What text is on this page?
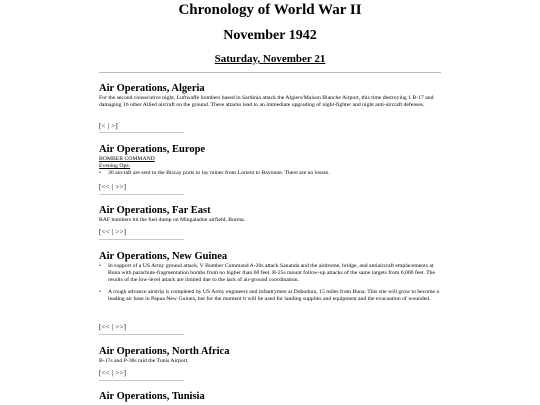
Chronology of World War II
November 1942
Saturday, November 21
Air Operations, Algeria

For the second consecutive night, Luftwaffe bombers based in Sardinia attack the Algiers/Maison Blanche Airport, this time destroying 1 B-17 and damaging 16 other Allied aircraft on the ground. These attacks lead to an immediate upgrading of night-fighter and night anti-aircraft defenses.

[< | >]
Air Operations, Europe
BOMBER COMMAND
Evening Ops:

•	30 aircraft are sent to the Biscay ports to lay mines from Lorient to Bayonne. There are no losses.

[<< | >>]
Air Operations, Far East

RAF bombers hit the fuel dump on Mingaladon airfield, Burma.

[<< | >>]
Air Operations, New Guinea

•	In support of a US Army ground attack, V Bomber Command A-20s attack Sananda and the airdrome, bridge, and antiaircraft emplacements at Buna with parachute-fragmentation bombs from no higher than 60 feet. B-25s mount follow-up attacks of the same targets from 6,000 feet. The results of the low-level attack are limited due to the lack of air-ground coordination.

•	A rough advance airstrip is completed by US Army engineers and infantrymen at Dobodura, 15 miles from Buna. This site will grow to become a leading air base in Papua New Guinea, but for the moment it will be used for landing supplies and equipment and the evacuation of wounded.

[<< | >>]
Air Operations, North Africa

B-17s and P-38s raid the Tunis Airport.

[<< | >>]
Air Operations, Tunisia
